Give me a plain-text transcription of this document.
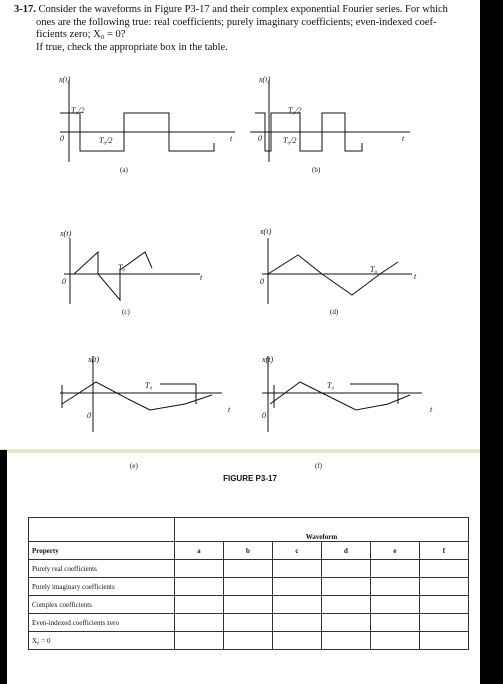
3-17. Consider the waveforms in Figure P3-17 and their complex exponential Fourier series. For which

ones are the following true: real coefficients; purely imaginary coefficients; even-indexed coef-

ficients zero; X₀ = 0?

If true, check the appropriate box in the table.

x(t)
T₀/2
T₀/2
0	t
(a)
x(t)
T₀/2
T₀/2
0	t
(b)
x(t)
T₀
0	t
(c)
x(t)
T₀
0
t
(d)
x(t)
T₀
0
t
(e)
x(t)
T₀
0
t
(f)
FIGURE P3-17
	Waveform					
Property	a	b	c	d	e	f
Purely real coefficients						
Purely imaginary coefficients						
Complex coefficients						
Even-indexed coefficients zero						
X₀ = 0						
